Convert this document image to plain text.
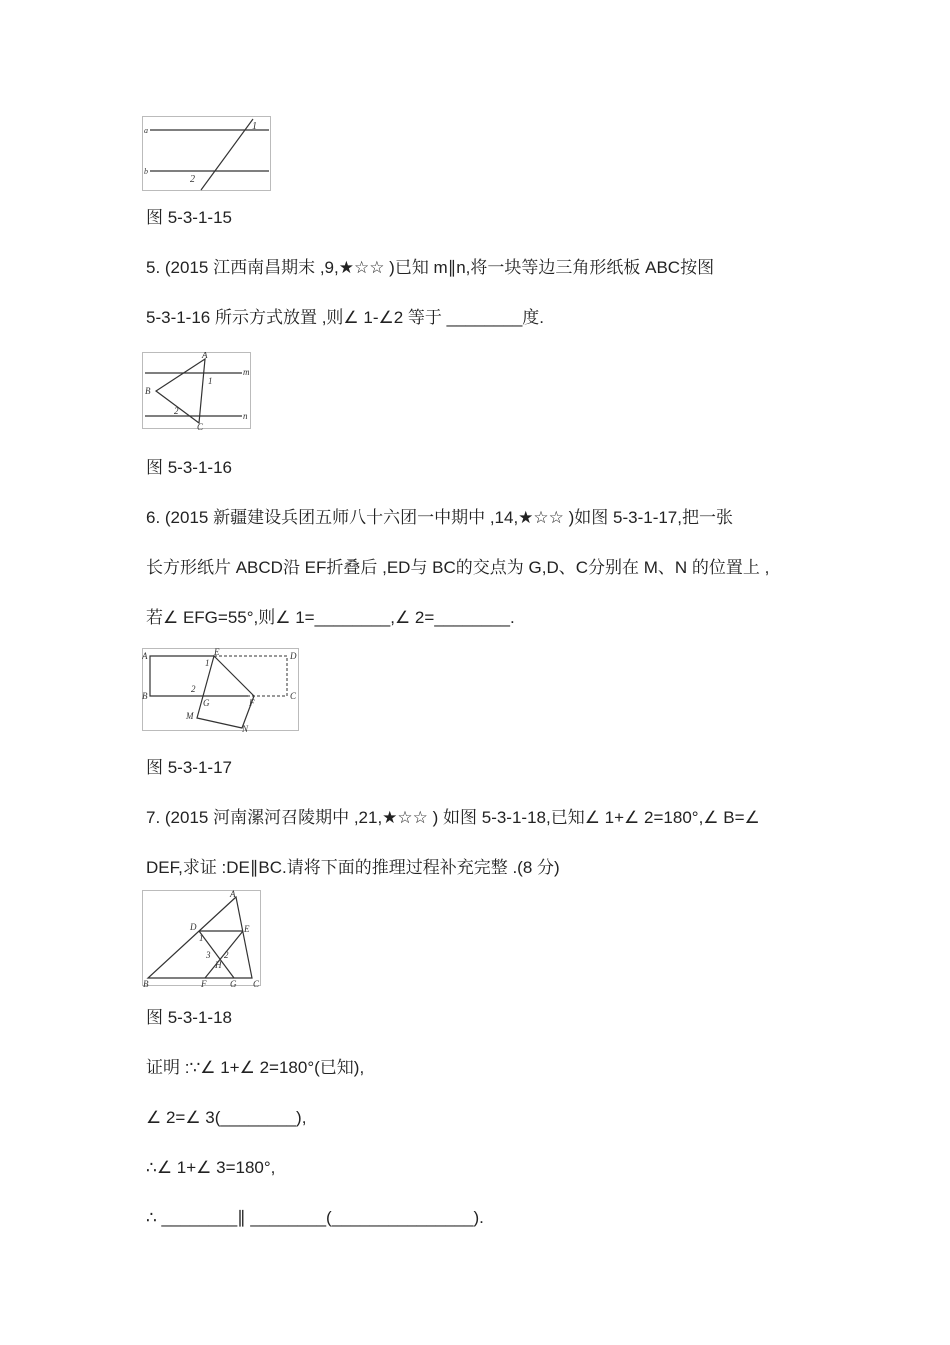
a
b
1
2
图 5-3-1-15
5. (2015 江西南昌期末 ,9,★☆☆ )已知 m∥n,将一块等边三角形纸板 ABC按图
5-3-1-16 所示方式放置 ,则∠ 1-∠2 等于 ________度.
A
B
C
m
n
1
2
图 5-3-1-16
6. (2015 新疆建设兵团五师八十六团一中期中 ,14,★☆☆ )如图 5-3-1-17,把一张
长方形纸片 ABCD沿 EF折叠后 ,ED与 BC的交点为 G,D、C分别在 M、N 的位置上 ,
若∠ EFG=55°,则∠ 1=________,∠ 2=________.
A
B	C
D
E
F
G
M
N
1
2
图 5-3-1-17
7. (2015 河南漯河召陵期中 ,21,★☆☆ ) 如图 5-3-1-18,已知∠ 1+∠ 2=180°,∠ B=∠
DEF,求证 :DE∥BC.请将下面的推理过程补充完整 .(8 分)
A
B	C
D	E
F	G
H
1
2
3
图 5-3-1-18
证明 :∵∠ 1+∠ 2=180°(已知),
∠ 2=∠ 3(________),
∴∠ 1+∠ 3=180°,
∴ ________∥ ________(_______________).
